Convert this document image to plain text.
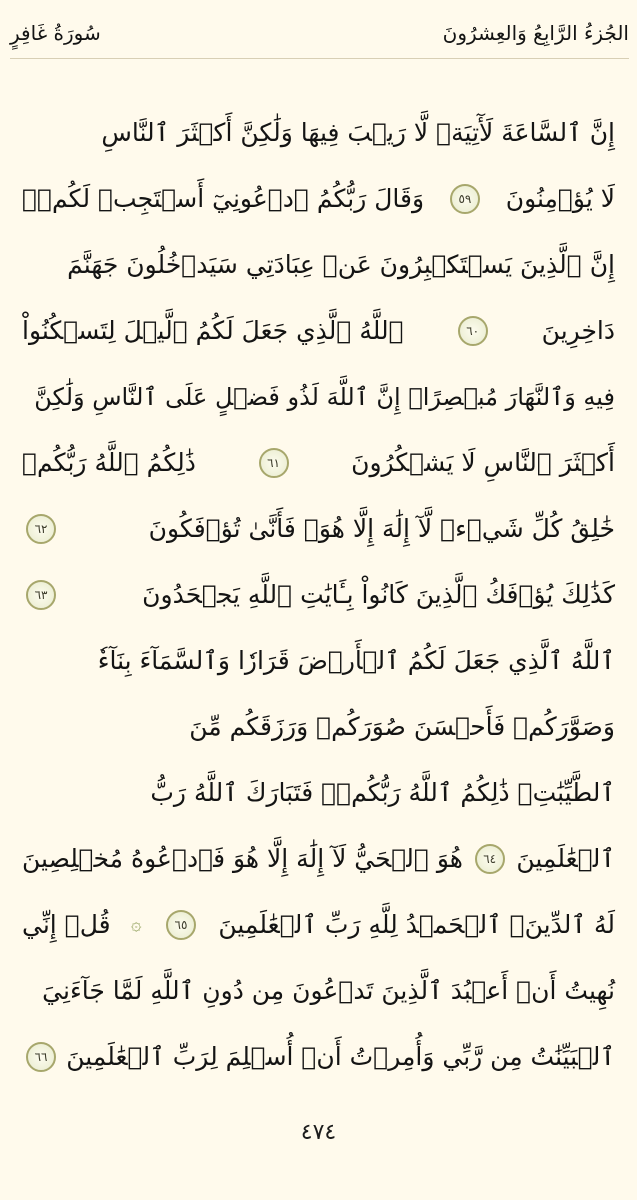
الجُزءُ الرَّابِعُ وَالعِشرُونَ
سُورَةُ غَافِرٍ
إِنَّ ٱلسَّاعَةَ لَأٓتِيَةٞ لَّا رَيۡبَ فِيهَا وَلَٰكِنَّ أَكۡثَرَ ٱلنَّاسِ
لَا يُؤۡمِنُونَ
٥٩
وَقَالَ رَبُّكُمُ ٱدۡعُونِيٓ أَسۡتَجِبۡ لَكُمۡۚ
إِنَّ ٱلَّذِينَ يَسۡتَكۡبِرُونَ عَنۡ عِبَادَتِي سَيَدۡخُلُونَ جَهَنَّمَ
دَاخِرِينَ
٦٠
ٱللَّهُ ٱلَّذِي جَعَلَ لَكُمُ ٱلَّيۡلَ لِتَسۡكُنُواْ
فِيهِ وَٱلنَّهَارَ مُبۡصِرًاۚ إِنَّ ٱللَّهَ لَذُو فَضۡلٍ عَلَى ٱلنَّاسِ وَلَٰكِنَّ
أَكۡثَرَ ٱلنَّاسِ لَا يَشۡكُرُونَ
٦١
ذَٰلِكُمُ ٱللَّهُ رَبُّكُمۡ
خَٰلِقُ كُلِّ شَيۡءٖ لَّآ إِلَٰهَ إِلَّا هُوَۖ فَأَنَّىٰ تُؤۡفَكُونَ
٦٢
كَذَٰلِكَ يُؤۡفَكُ ٱلَّذِينَ كَانُواْ بِـَٔايَٰتِ ٱللَّهِ يَجۡحَدُونَ
٦٣
ٱللَّهُ ٱلَّذِي جَعَلَ لَكُمُ ٱلۡأَرۡضَ قَرَارٗا وَٱلسَّمَآءَ بِنَآءٗ
وَصَوَّرَكُمۡ فَأَحۡسَنَ صُوَرَكُمۡ وَرَزَقَكُم مِّنَ
ٱلطَّيِّبَٰتِۚ ذَٰلِكُمُ ٱللَّهُ رَبُّكُمۡۖ فَتَبَارَكَ ٱللَّهُ رَبُّ
ٱلۡعَٰلَمِينَ
٦٤
هُوَ ٱلۡحَيُّ لَآ إِلَٰهَ إِلَّا هُوَ فَٱدۡعُوهُ مُخۡلِصِينَ
لَهُ ٱلدِّينَۗ ٱلۡحَمۡدُ لِلَّهِ رَبِّ ٱلۡعَٰلَمِينَ
٦٥
۞
قُلۡ إِنِّي
نُهِيتُ أَنۡ أَعۡبُدَ ٱلَّذِينَ تَدۡعُونَ مِن دُونِ ٱللَّهِ لَمَّا جَآءَنِيَ
ٱلۡبَيِّنَٰتُ مِن رَّبِّي وَأُمِرۡتُ أَنۡ أُسۡلِمَ لِرَبِّ ٱلۡعَٰلَمِينَ
٦٦
٤٧٤
